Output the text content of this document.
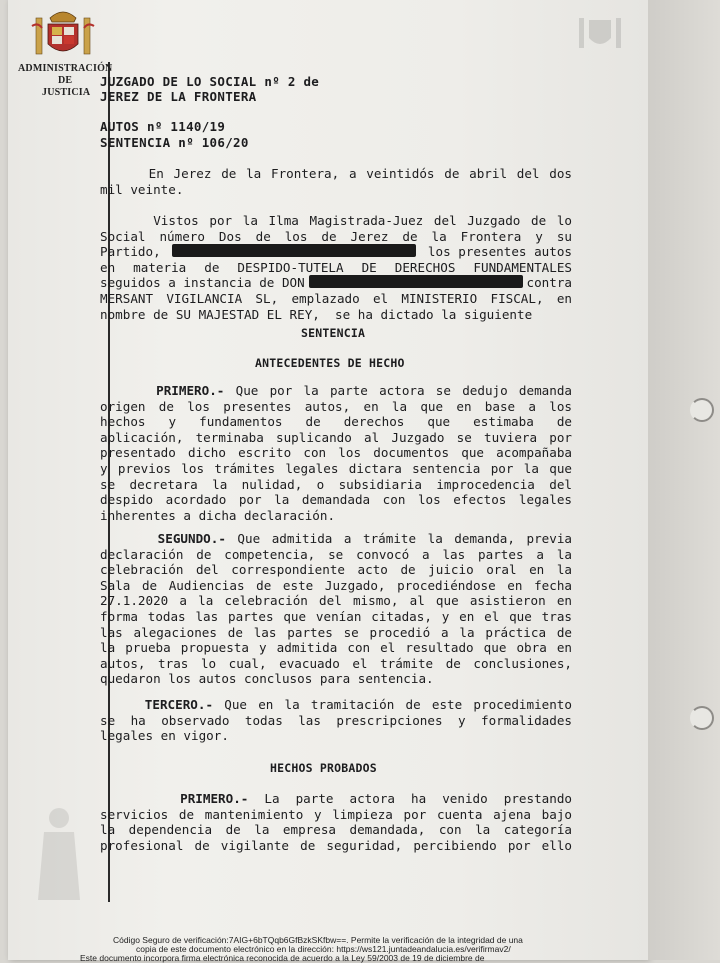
ADMINISTRACIÓN
DE
JUSTICIA
JUZGADO DE LO SOCIAL nº 2 de
JEREZ DE LA FRONTERA
AUTOS nº 1140/19
SENTENCIA nº 106/20
En Jerez de la Frontera, a veintidós de abril del dos
mil veinte.
Vistos por la Ilma Magistrada-Juez del Juzgado de lo
Social número Dos de los de Jerez de la Frontera y su
Partido,	los presentes autos
en materia de DESPIDO-TUTELA DE DERECHOS FUNDAMENTALES
seguidos a instancia de DON	contra
MERSANT VIGILANCIA SL, emplazado el MINISTERIO FISCAL, en
nombre de SU MAJESTAD EL REY,  se ha dictado la siguiente
SENTENCIA
ANTECEDENTES DE HECHO
PRIMERO.- Que por la parte actora se dedujo demanda
origen de los presentes autos, en la que en base a los
hechos y fundamentos de derechos que estimaba de
aplicación, terminaba suplicando al Juzgado se tuviera por
presentado dicho escrito con los documentos que acompañaba
y previos los trámites legales dictara sentencia por la que
se decretara la nulidad, o subsidiaria improcedencia del
despido acordado por la demandada con los efectos legales
inherentes a dicha declaración.
SEGUNDO.- Que admitida a trámite la demanda, previa
declaración de competencia, se convocó a las partes a la
celebración del correspondiente acto de juicio oral en la
Sala de Audiencias de este Juzgado, procediéndose en fecha
27.1.2020 a la celebración del mismo, al que asistieron en
forma todas las partes que venían citadas, y en el que tras
las alegaciones de las partes se procedió a la práctica de
la prueba propuesta y admitida con el resultado que obra en
autos, tras lo cual, evacuado el trámite de conclusiones,
quedaron los autos conclusos para sentencia.
TERCERO.- Que en la tramitación de este procedimiento
se ha observado todas las prescripciones y formalidades
legales en vigor.
HECHOS PROBADOS
PRIMERO.- La parte actora ha venido prestando
servicios de mantenimiento y limpieza por cuenta ajena bajo
la dependencia de la empresa demandada, con la categoría
profesional de vigilante de seguridad, percibiendo por ello
Código Seguro de verificación:7AIG+6bTQqb6GfBzkSKfbw==. Permite la verificación de la integridad de una
copia de este documento electrónico en la dirección: https://ws121.juntadeandalucia.es/verifirmav2/
Este documento incorpora firma electrónica reconocida de acuerdo a la Ley 59/2003 de 19 de diciembre de
